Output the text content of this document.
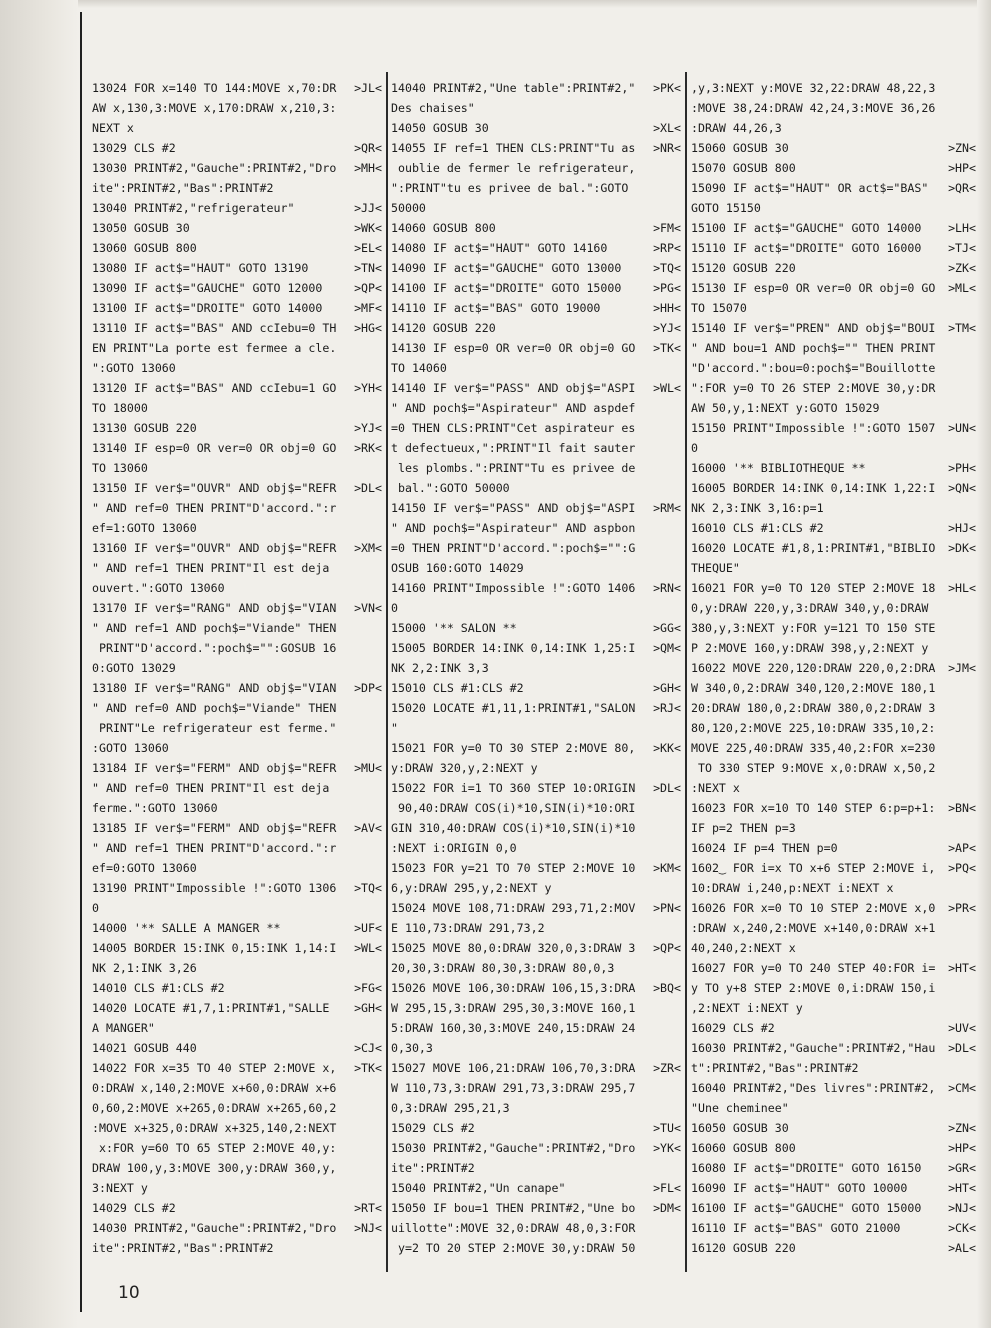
13024 FOR x=140 TO 144:MOVE x,70:DR >JL<
AW x,130,3:MOVE x,170:DRAW x,210,3:
NEXT x
13029 CLS #2	>QR<
13030 PRINT#2,"Gauche":PRINT#2,"Dro >MH<
ite":PRINT#2,"Bas":PRINT#2
13040 PRINT#2,"refrigerateur"	>JJ<
13050 GOSUB 30	>WK<
13060 GOSUB 800	>EL<
13080 IF act$="HAUT" GOTO 13190	>TN<
13090 IF act$="GAUCHE" GOTO 12000	>QP<
13100 IF act$="DROITE" GOTO 14000	>MF<
13110 IF act$="BAS" AND ccIebu=0 TH >HG<
EN PRINT"La porte est fermee a cle.
":GOTO 13060
13120 IF act$="BAS" AND ccIebu=1 GO >YH<
TO 18000
13130 GOSUB 220	>YJ<
13140 IF esp=0 OR ver=0 OR obj=0 GO >RK<
TO 13060
13150 IF ver$="OUVR" AND obj$="REFR >DL<
" AND ref=0 THEN PRINT"D'accord.":r
ef=1:GOTO 13060
13160 IF ver$="OUVR" AND obj$="REFR >XM<
" AND ref=1 THEN PRINT"Il est deja
ouvert.":GOTO 13060
13170 IF ver$="RANG" AND obj$="VIAN >VN<
" AND ref=1 AND poch$="Viande" THEN
PRINT"D'accord.":poch$="":GOSUB 16
0:GOTO 13029
13180 IF ver$="RANG" AND obj$="VIAN >DP<
" AND ref=0 AND poch$="Viande" THEN
PRINT"Le refrigerateur est ferme."
:GOTO 13060
13184 IF ver$="FERM" AND obj$="REFR >MU<
" AND ref=0 THEN PRINT"Il est deja
ferme.":GOTO 13060
13185 IF ver$="FERM" AND obj$="REFR >AV<
" AND ref=1 THEN PRINT"D'accord.":r
ef=0:GOTO 13060
13190 PRINT"Impossible !":GOTO 1306 >TQ<
0
14000 '** SALLE A MANGER **	>UF<
14005 BORDER 15:INK 0,15:INK 1,14:I >WL<
NK 2,1:INK 3,26
14010 CLS #1:CLS #2	>FG<
14020 LOCATE #1,7,1:PRINT#1,"SALLE >GH<
A MANGER"
14021 GOSUB 440	>CJ<
14022 FOR x=35 TO 40 STEP 2:MOVE x, >TK<
0:DRAW x,140,2:MOVE x+60,0:DRAW x+6
0,60,2:MOVE x+265,0:DRAW x+265,60,2
:MOVE x+325,0:DRAW x+325,140,2:NEXT
x:FOR y=60 TO 65 STEP 2:MOVE 40,y:
DRAW 100,y,3:MOVE 300,y:DRAW 360,y,
3:NEXT y
14029 CLS #2	>RT<
14030 PRINT#2,"Gauche":PRINT#2,"Dro >NJ<
ite":PRINT#2,"Bas":PRINT#2
14040 PRINT#2,"Une table":PRINT#2," >PK<
Des chaises"
14050 GOSUB 30	>XL<
14055 IF ref=1 THEN CLS:PRINT"Tu as >NR<
oublie de fermer le refrigerateur,
":PRINT"tu es privee de bal.":GOTO
50000
14060 GOSUB 800	>FM<
14080 IF act$="HAUT" GOTO 14160	>RP<
14090 IF act$="GAUCHE" GOTO 13000	>TQ<
14100 IF act$="DROITE" GOTO 15000	>PG<
14110 IF act$="BAS" GOTO 19000	>HH<
14120 GOSUB 220	>YJ<
14130 IF esp=0 OR ver=0 OR obj=0 GO >TK<
TO 14060
14140 IF ver$="PASS" AND obj$="ASPI >WL<
" AND poch$="Aspirateur" AND aspdef
=0 THEN CLS:PRINT"Cet aspirateur es
t defectueux,":PRINT"Il fait sauter
les plombs.":PRINT"Tu es privee de
bal.":GOTO 50000
14150 IF ver$="PASS" AND obj$="ASPI >RM<
" AND poch$="Aspirateur" AND aspbon
=0 THEN PRINT"D'accord.":poch$="":G
OSUB 160:GOTO 14029
14160 PRINT"Impossible !":GOTO 1406 >RN<
0
15000 '** SALON **	>GG<
15005 BORDER 14:INK 0,14:INK 1,25:I >QM<
NK 2,2:INK 3,3
15010 CLS #1:CLS #2	>GH<
15020 LOCATE #1,11,1:PRINT#1,"SALON >RJ<
"
15021 FOR y=0 TO 30 STEP 2:MOVE 80, >KK<
y:DRAW 320,y,2:NEXT y
15022 FOR i=1 TO 360 STEP 10:ORIGIN >DL<
90,40:DRAW COS(i)*10,SIN(i)*10:ORI
GIN 310,40:DRAW COS(i)*10,SIN(i)*10
:NEXT i:ORIGIN 0,0
15023 FOR y=21 TO 70 STEP 2:MOVE 10 >KM<
6,y:DRAW 295,y,2:NEXT y
15024 MOVE 108,71:DRAW 293,71,2:MOV >PN<
E 110,73:DRAW 291,73,2
15025 MOVE 80,0:DRAW 320,0,3:DRAW 3 >QP<
20,30,3:DRAW 80,30,3:DRAW 80,0,3
15026 MOVE 106,30:DRAW 106,15,3:DRA >BQ<
W 295,15,3:DRAW 295,30,3:MOVE 160,1
5:DRAW 160,30,3:MOVE 240,15:DRAW 24
0,30,3
15027 MOVE 106,21:DRAW 106,70,3:DRA >ZR<
W 110,73,3:DRAW 291,73,3:DRAW 295,7
0,3:DRAW 295,21,3
15029 CLS #2	>TU<
15030 PRINT#2,"Gauche":PRINT#2,"Dro >YK<
ite":PRINT#2
15040 PRINT#2,"Un canape"	>FL<
15050 IF bou=1 THEN PRINT#2,"Une bo >DM<
uillotte":MOVE 32,0:DRAW 48,0,3:FOR
y=2 TO 20 STEP 2:MOVE 30,y:DRAW 50
,y,3:NEXT y:MOVE 32,22:DRAW 48,22,3
:MOVE 38,24:DRAW 42,24,3:MOVE 36,26
:DRAW 44,26,3
15060 GOSUB 30	>ZN<
15070 GOSUB 800	>HP<
15090 IF act$="HAUT" OR act$="BAS" >QR<
GOTO 15150
15100 IF act$="GAUCHE" GOTO 14000 >LH<
15110 IF act$="DROITE" GOTO 16000 >TJ<
15120 GOSUB 220	>ZK<
15130 IF esp=0 OR ver=0 OR obj=0 GO >ML<
TO 15070
15140 IF ver$="PREN" AND obj$="BOUI >TM<
" AND bou=1 AND poch$="" THEN PRINT
"D'accord.":bou=0:poch$="Bouillotte
":FOR y=0 TO 26 STEP 2:MOVE 30,y:DR
AW 50,y,1:NEXT y:GOTO 15029
15150 PRINT"Impossible !":GOTO 1507 >UN<
0
16000 '** BIBLIOTHEQUE **	>PH<
16005 BORDER 14:INK 0,14:INK 1,22:I >QN<
NK 2,3:INK 3,16:p=1
16010 CLS #1:CLS #2	>HJ<
16020 LOCATE #1,8,1:PRINT#1,"BIBLIO >DK<
THEQUE"
16021 FOR y=0 TO 120 STEP 2:MOVE 18 >HL<
0,y:DRAW 220,y,3:DRAW 340,y,0:DRAW
380,y,3:NEXT y:FOR y=121 TO 150 STE
P 2:MOVE 160,y:DRAW 398,y,2:NEXT y
16022 MOVE 220,120:DRAW 220,0,2:DRA >JM<
W 340,0,2:DRAW 340,120,2:MOVE 180,1
20:DRAW 180,0,2:DRAW 380,0,2:DRAW 3
80,120,2:MOVE 225,10:DRAW 335,10,2:
MOVE 225,40:DRAW 335,40,2:FOR x=230
TO 330 STEP 9:MOVE x,0:DRAW x,50,2
:NEXT x
16023 FOR x=10 TO 140 STEP 6:p=p+1: >BN<
IF p=2 THEN p=3
16024 IF p=4 THEN p=0	>AP<
1602‿ FOR i=x TO x+6 STEP 2:MOVE i, >PQ<
10:DRAW i,240,p:NEXT i:NEXT x
16026 FOR x=0 TO 10 STEP 2:MOVE x,0 >PR<
:DRAW x,240,2:MOVE x+140,0:DRAW x+1
40,240,2:NEXT x
16027 FOR y=0 TO 240 STEP 40:FOR i= >HT<
y TO y+8 STEP 2:MOVE 0,i:DRAW 150,i
,2:NEXT i:NEXT y
16029 CLS #2	>UV<
16030 PRINT#2,"Gauche":PRINT#2,"Hau >DL<
t":PRINT#2,"Bas":PRINT#2
16040 PRINT#2,"Des livres":PRINT#2, >CM<
"Une cheminee"
16050 GOSUB 30	>ZN<
16060 GOSUB 800	>HP<
16080 IF act$="DROITE" GOTO 16150 >GR<
16090 IF act$="HAUT" GOTO 10000	>HT<
16100 IF act$="GAUCHE" GOTO 15000 >NJ<
16110 IF act$="BAS" GOTO 21000	>CK<
16120 GOSUB 220	>AL<
10
